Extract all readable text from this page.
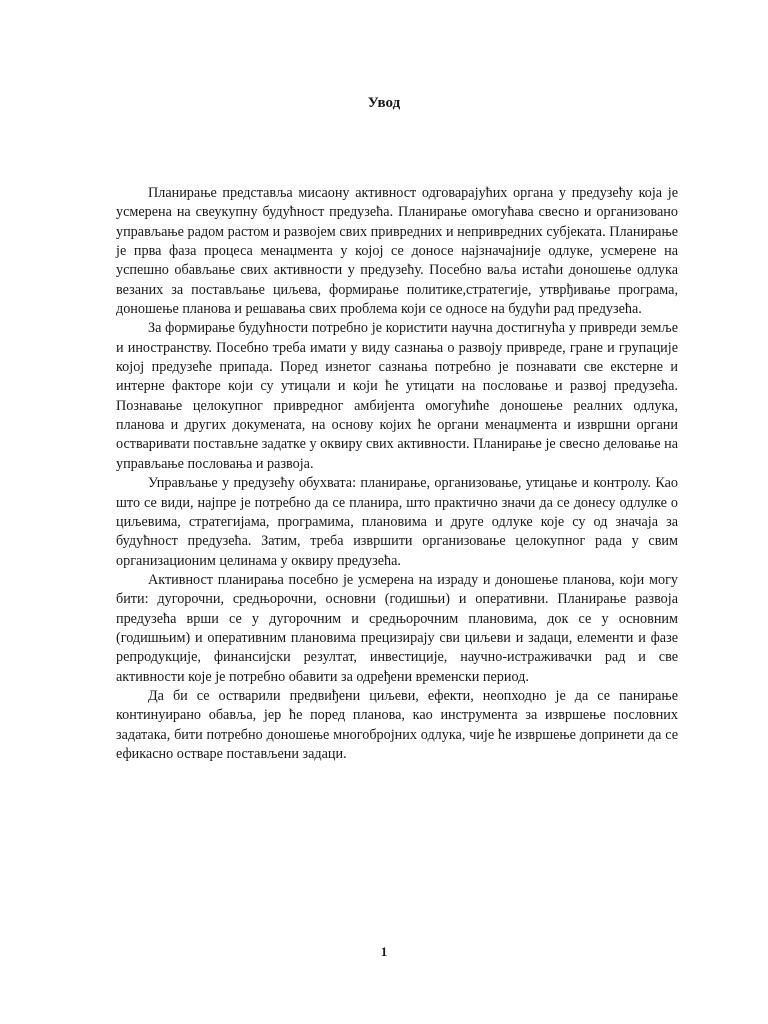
Увод

Планирање представља мисаону активност одговарајућих органа у предузећу која је усмерена на свеукупну будућност предузећа. Планирање омогућава свесно и организовано управљање радом растом и развојем свих привредних и непривредних субјеката. Планирање је прва фаза процеса менаџмента у којој се доносе најзначајније одлуке, усмерене на успешно обављање свих активности у предузећу. Посебно ваља истаћи доношење одлука везаних за постављање циљева, формирање политике,стратегије, утврђивање програма, доношење планова и решавања свих проблема који се односе на будући рад предузећа.

За формирање будућности потребно је користити научна достигнућа у привреди земље и иностранству. Посебно треба имати у виду сазнања о развоју привреде, гране и групације којој предузеће припада. Поред изнетог сазнања потребно је познавати све екстерне и интерне факторе који су утицали и који ће утицати на пословање и развој предузећа. Познавање целокупног привредног амбијента омогућиће доношење реалних одлука, планова и других докумената, на основу којих ће органи менаџмента и извршни органи остваривати постављне задатке у оквиру свих активности. Планирање је свесно деловање на управљање пословања и развоја.

Управљање у предузећу обухвата: планирање, организовање, утицање и контролу. Као што се види, најпре је потребно да се планира, што практично значи да се донесу одлулке о циљевима, стратегијама, програмима, плановима и друге одлуке које су од значаја за будућност предузећа. Затим, треба извршити организовање целокупног рада у свим организационим целинама у оквиру предузећа.

Активност планирања посебно је усмерена на израду и доношење планова, који могу бити: дугорочни, средњорочни, основни (годишњи) и оперативни. Планирање развоја предузећа врши се у дугорочним и средњорочним плановима, док се у основним (годишњим) и оперативним плановима прецизирају сви циљеви и задаци, елементи и фазе репродукције, финансијски резултат, инвестиције, научно-истраживачки рад и све активности које је потребно обавити за одређени временски период.

Да би се остварили предвиђени циљеви, ефекти, неопходно је да се панирање континуирано обавља, јер ће поред планова, као инструмента за извршење пословних задатака, бити потребно доношење многобројних одлука, чије ће извршење допринети да се ефикасно остваре постављени задаци.

1
